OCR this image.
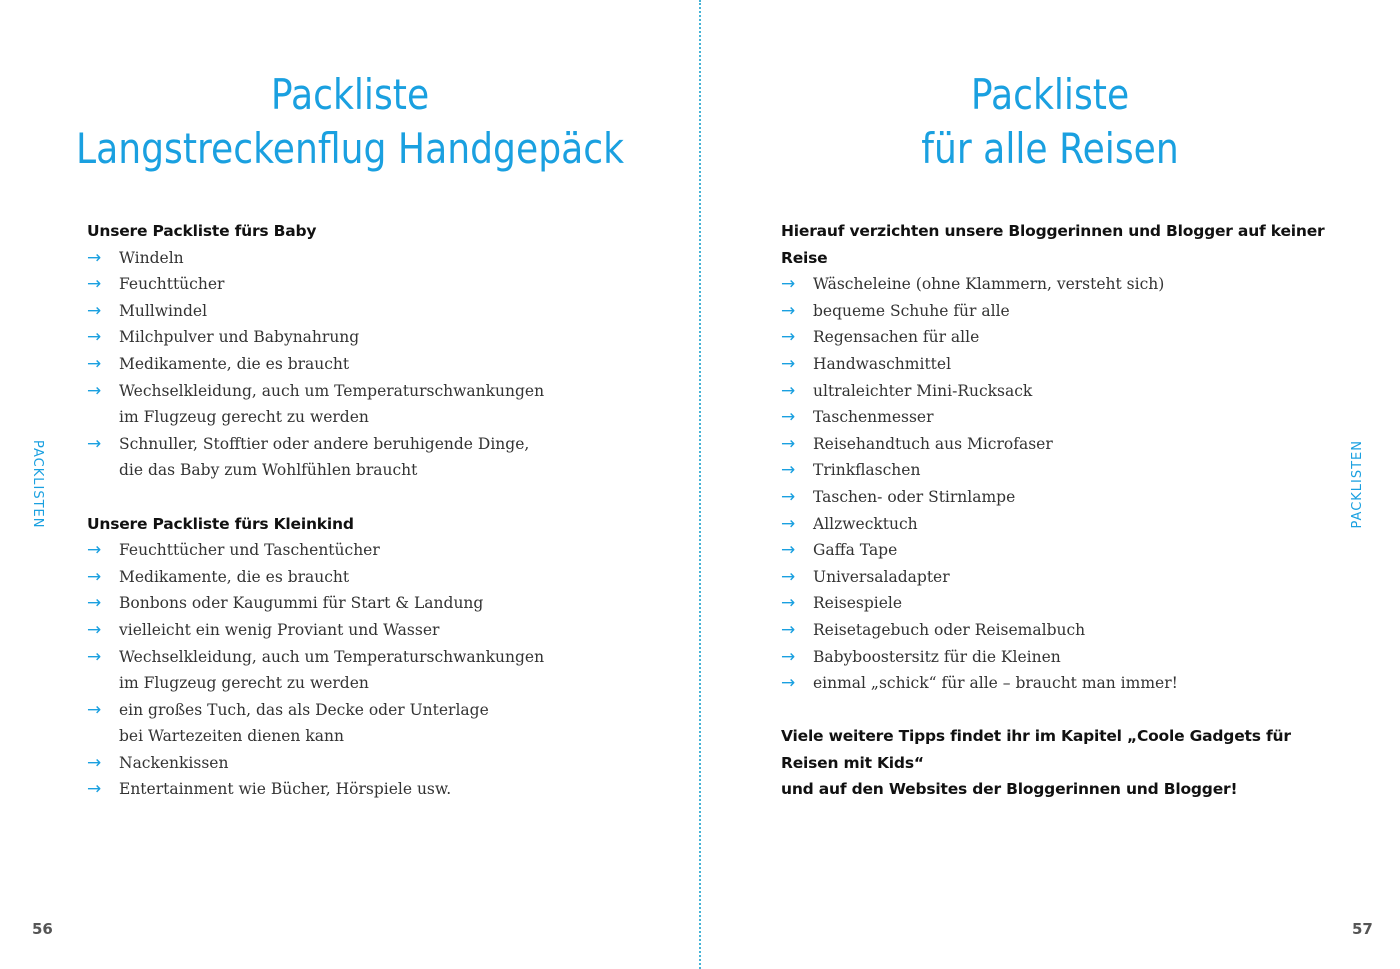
Packliste
Langstreckenflug Handgepäck
Unsere Packliste fürs Baby
→ Windeln
→ Feuchttücher
→ Mullwindel
→ Milchpulver und Babynahrung
→ Medikamente, die es braucht
→ Wechselkleidung, auch um Temperaturschwankungen
im Flugzeug gerecht zu werden
→ Schnuller, Stofftier oder andere beruhigende Dinge,
die das Baby zum Wohlfühlen braucht
Unsere Packliste fürs Kleinkind
→ Feuchttücher und Taschentücher
→ Medikamente, die es braucht
→ Bonbons oder Kaugummi für Start & Landung
→ vielleicht ein wenig Proviant und Wasser
→ Wechselkleidung, auch um Temperaturschwankungen
im Flugzeug gerecht zu werden
→ ein großes Tuch, das als Decke oder Unterlage
bei Wartezeiten dienen kann
→ Nackenkissen
→ Entertainment wie Bücher, Hörspiele usw.
PACKLISTEN
56
Packliste
für alle Reisen
Hierauf verzichten unsere Bloggerinnen und Blogger auf keiner Reise
→ Wäscheleine (ohne Klammern, versteht sich)
→ bequeme Schuhe für alle
→ Regensachen für alle
→ Handwaschmittel
→ ultraleichter Mini-Rucksack
→ Taschenmesser
→ Reisehandtuch aus Microfaser
→ Trinkflaschen
→ Taschen- oder Stirnlampe
→ Allzwecktuch
→ Gaffa Tape
→ Universaladapter
→ Reisespiele
→ Reisetagebuch oder Reisemalbuch
→ Babyboostersitz für die Kleinen
→ einmal „schick“ für alle – braucht man immer!
Viele weitere Tipps findet ihr im Kapitel „Coole Gadgets für Reisen mit Kids“
und auf den Websites der Bloggerinnen und Blogger!
PACKLISTEN
57
